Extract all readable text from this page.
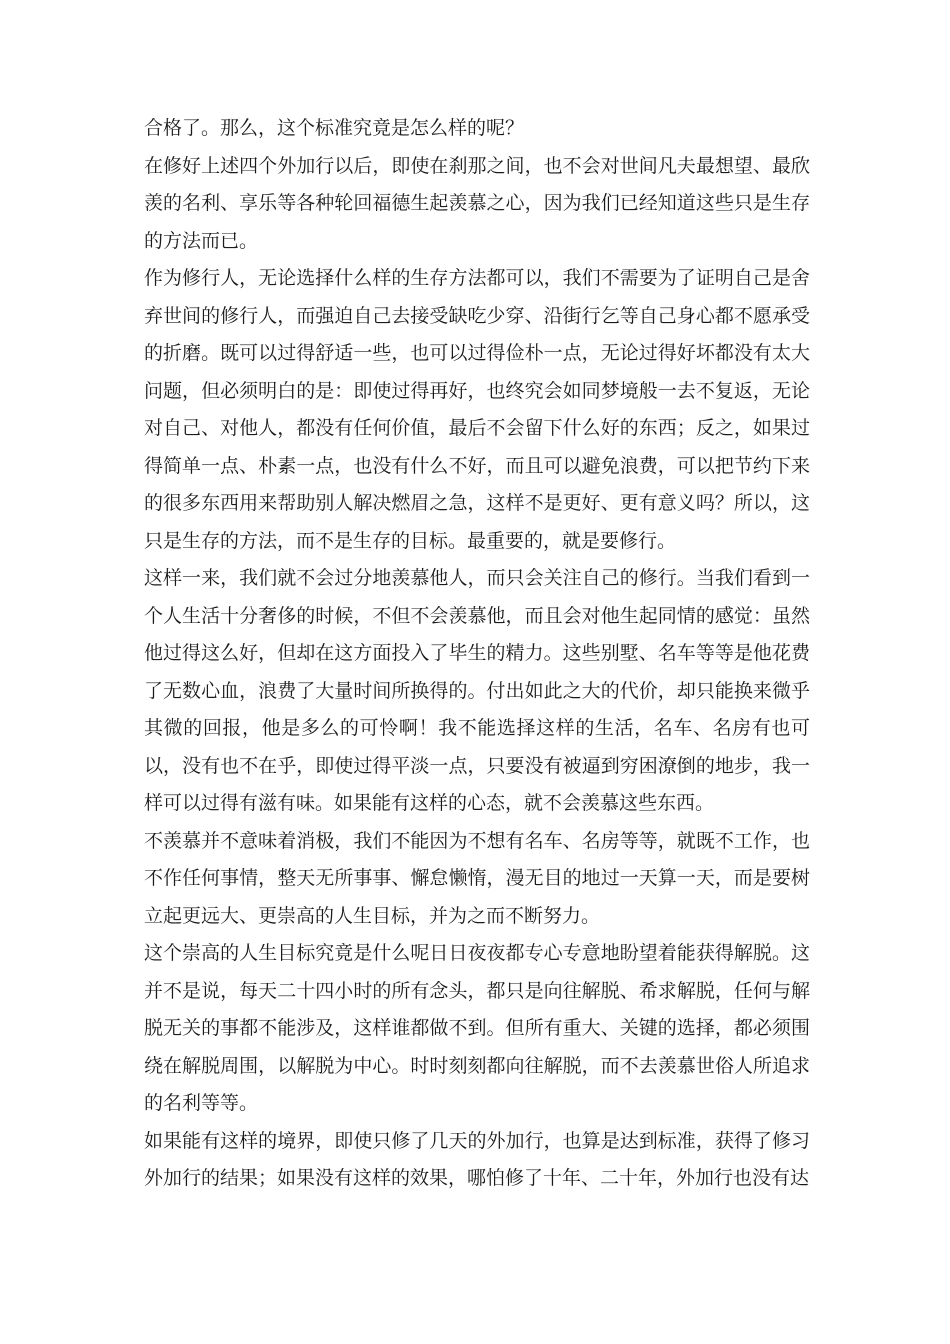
合格了。那么，这个标准究竟是怎么样的呢？

在修好上述四个外加行以后，即使在刹那之间，也不会对世间凡夫最想望、最欣羡的名利、享乐等各种轮回福德生起羡慕之心，因为我们已经知道这些只是生存的方法而已。

作为修行人，无论选择什么样的生存方法都可以，我们不需要为了证明自己是舍弃世间的修行人，而强迫自己去接受缺吃少穿、沿街行乞等自己身心都不愿承受的折磨。既可以过得舒适一些，也可以过得俭朴一点，无论过得好坏都没有太大问题，但必须明白的是：即使过得再好，也终究会如同梦境般一去不复返，无论对自己、对他人，都没有任何价值，最后不会留下什么好的东西；反之，如果过得简单一点、朴素一点，也没有什么不好，而且可以避免浪费，可以把节约下来的很多东西用来帮助别人解决燃眉之急，这样不是更好、更有意义吗？所以，这只是生存的方法，而不是生存的目标。最重要的，就是要修行。

这样一来，我们就不会过分地羡慕他人，而只会关注自己的修行。当我们看到一个人生活十分奢侈的时候，不但不会羡慕他，而且会对他生起同情的感觉：虽然他过得这么好，但却在这方面投入了毕生的精力。这些别墅、名车等等是他花费了无数心血，浪费了大量时间所换得的。付出如此之大的代价，却只能换来微乎其微的回报，他是多么的可怜啊！我不能选择这样的生活，名车、名房有也可以，没有也不在乎，即使过得平淡一点，只要没有被逼到穷困潦倒的地步，我一样可以过得有滋有味。如果能有这样的心态，就不会羡慕这些东西。

不羡慕并不意味着消极，我们不能因为不想有名车、名房等等，就既不工作，也不作任何事情，整天无所事事、懈怠懒惰，漫无目的地过一天算一天，而是要树立起更远大、更崇高的人生目标，并为之而不断努力。

这个崇高的人生目标究竟是什么呢日日夜夜都专心专意地盼望着能获得解脱。这并不是说，每天二十四小时的所有念头，都只是向往解脱、希求解脱，任何与解脱无关的事都不能涉及，这样谁都做不到。但所有重大、关键的选择，都必须围绕在解脱周围，以解脱为中心。时时刻刻都向往解脱，而不去羡慕世俗人所追求的名利等等。

如果能有这样的境界，即使只修了几天的外加行，也算是达到标准，获得了修习外加行的结果；如果没有这样的效果，哪怕修了十年、二十年，外加行也没有达
